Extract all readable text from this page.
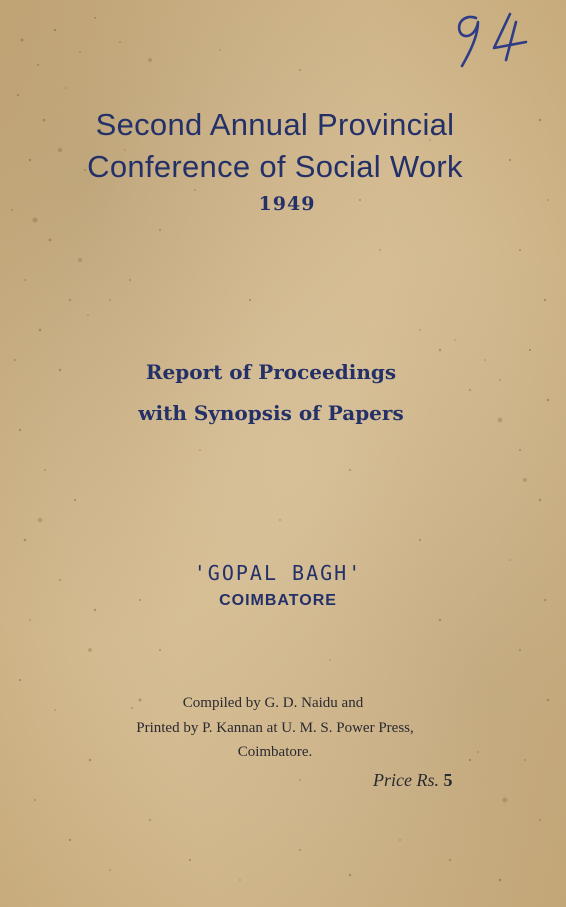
Second Annual Provincial
Conference of Social Work
1949
Report of Proceedings
with Synopsis of Papers
'GOPAL BAGH'
COIMBATORE
Compiled by G. D. Naidu and
Printed by P. Kannan at U. M. S. Power Press,
Coimbatore.
Price Rs. 5
